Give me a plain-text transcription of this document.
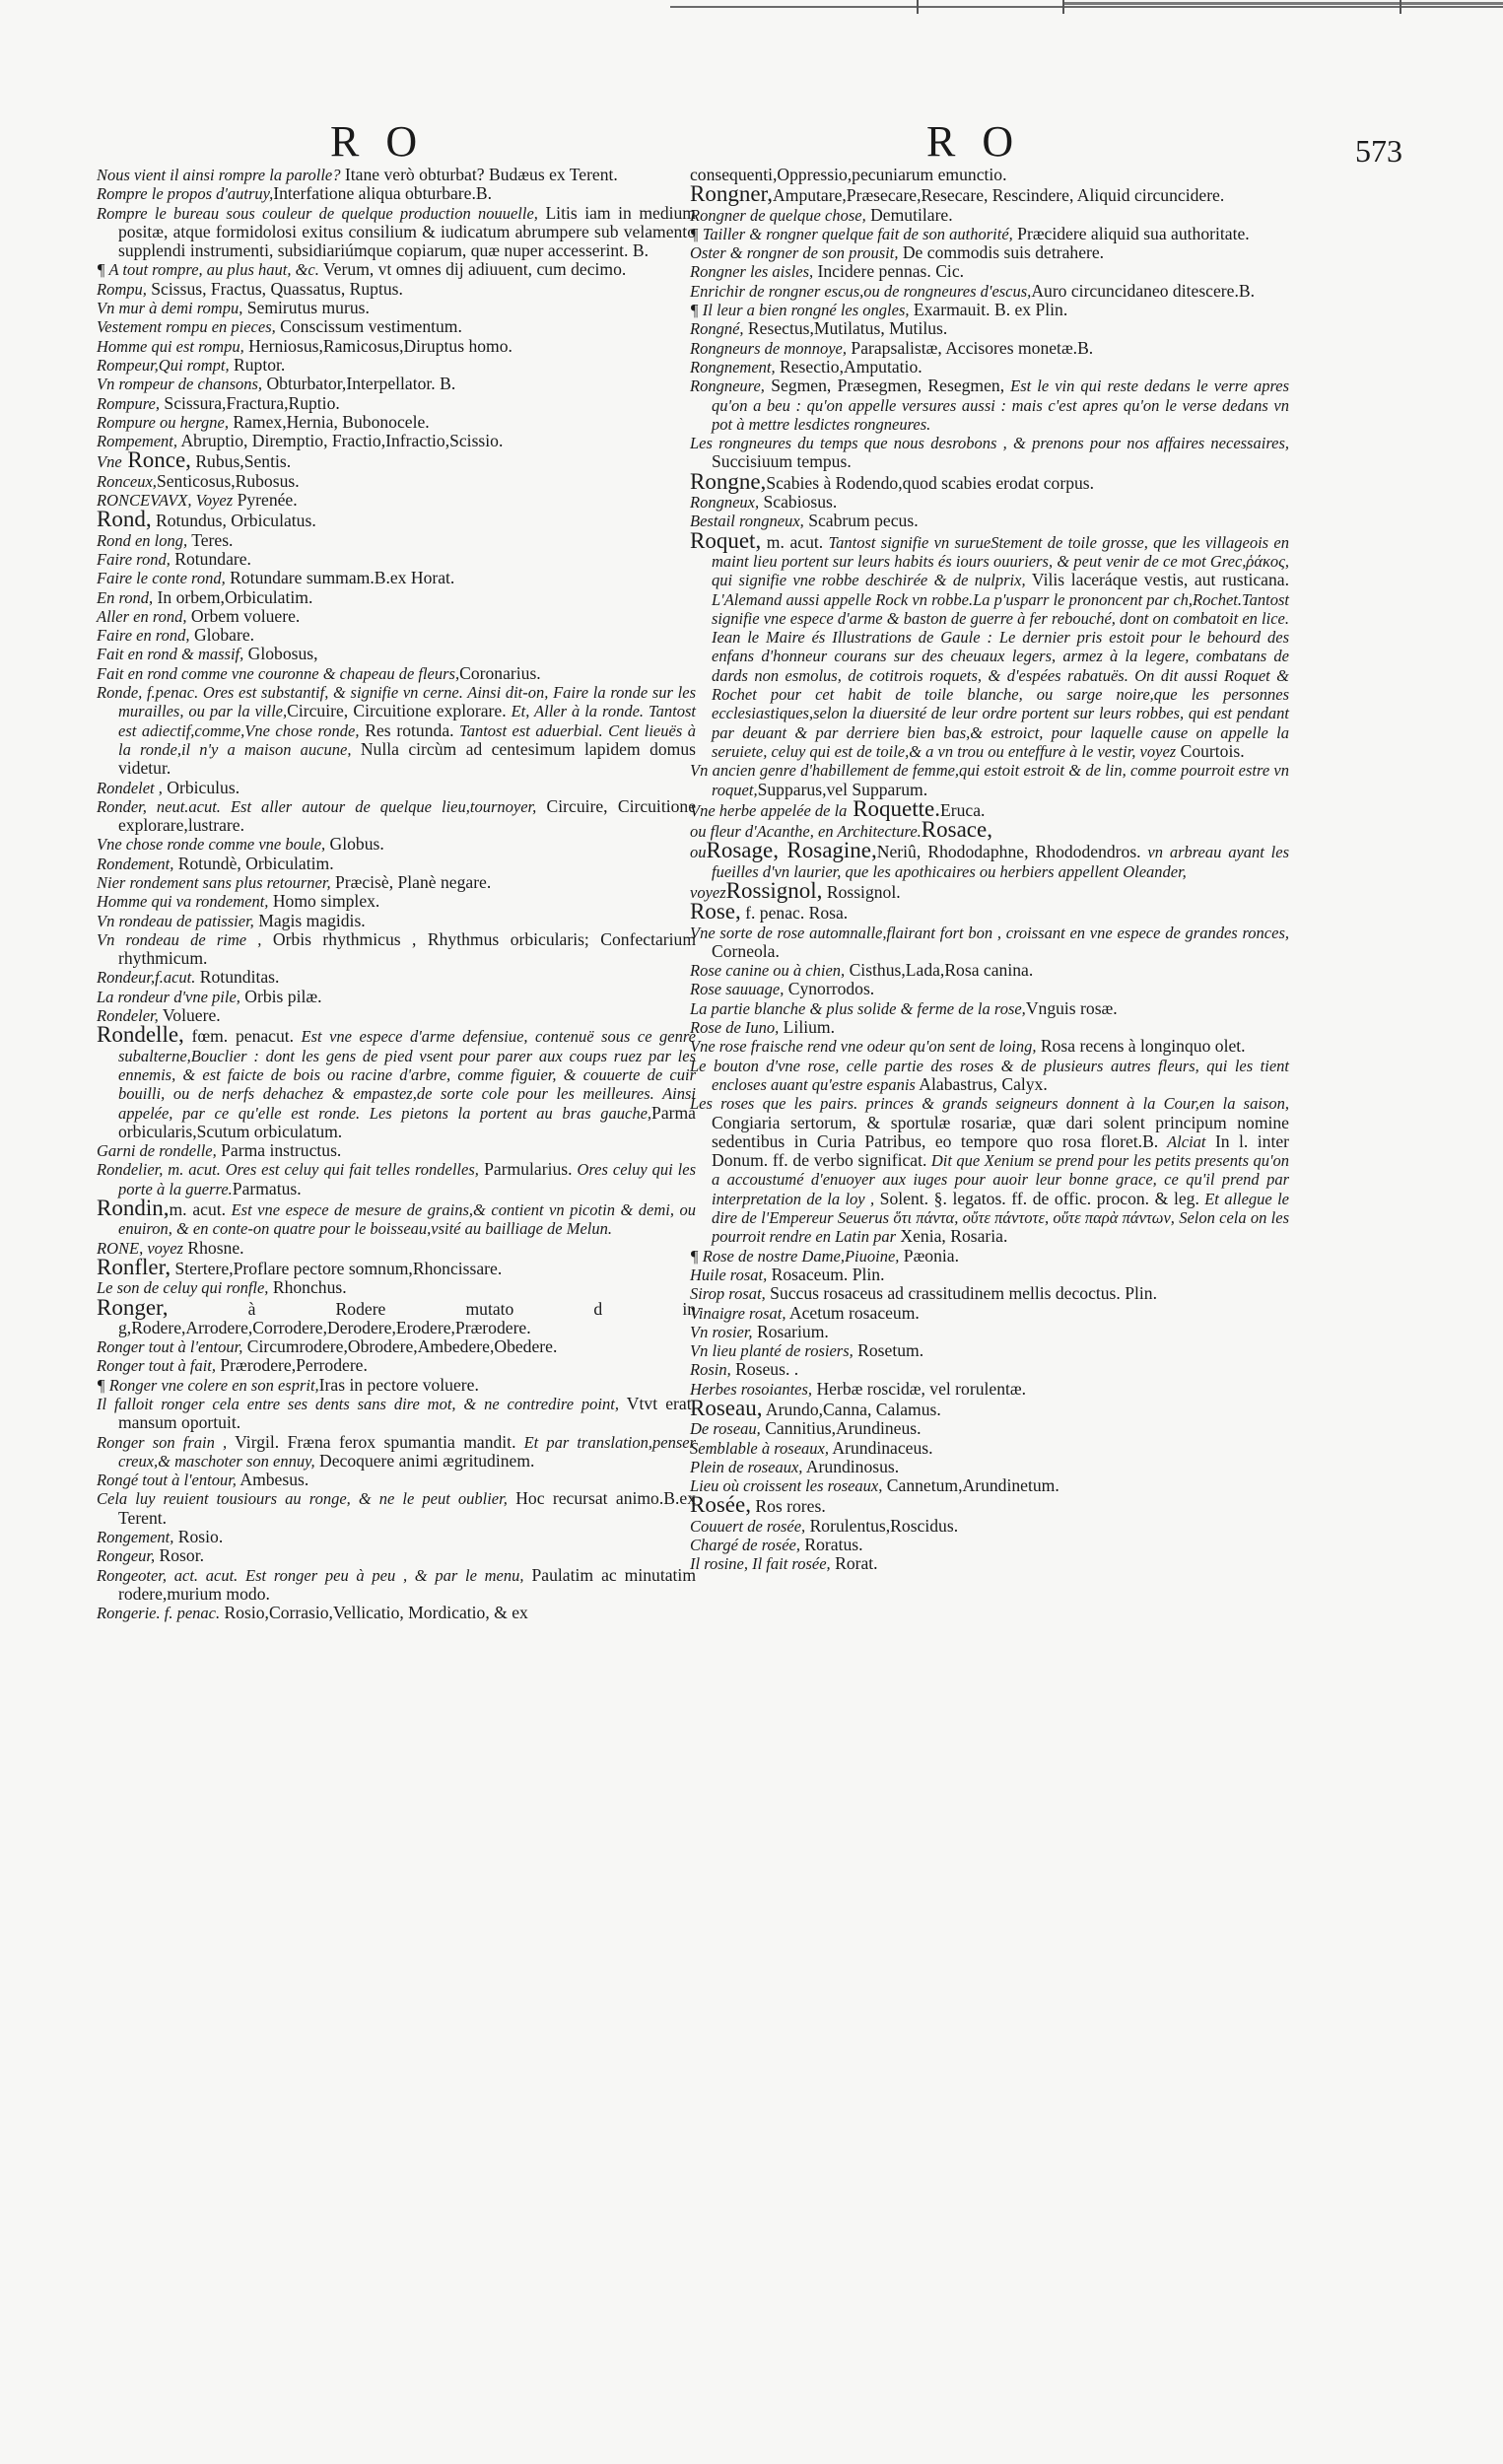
R O	R O	573

Nous vient il ainsi rompre la parolle? Itane verò obturbat? Budæus ex Terent.

Rompre le propos d'autruy,Interfatione aliqua obturbare.B.

Rompre le bureau sous couleur de quelque production nouuelle, Litis iam in medium positæ, atque formidolosi exitus consilium & iudicatum abrumpere sub velamento supplendi instrumenti, subsidiariúmque copiarum, quæ nuper accesserint. B.

¶ A tout rompre, au plus haut, &c. Verum, vt omnes dij adiuuent, cum decimo.

Rompu, Scissus, Fractus, Quassatus, Ruptus.

Vn mur à demi rompu, Semirutus murus.

Vestement rompu en pieces, Conscissum vestimentum.

Homme qui est rompu, Herniosus,Ramicosus,Diruptus homo.

Rompeur,Qui rompt, Ruptor.

Vn rompeur de chansons, Obturbator,Interpellator. B.

Rompure, Scissura,Fractura,Ruptio.

Rompure ou hergne, Ramex,Hernia, Bubonocele.

Rompement, Abruptio, Diremptio, Fractio,Infractio,Scissio.

Vne Ronce, Rubus,Sentis.

Ronceux,Senticosus,Rubosus.

RONCEVAVX, Voyez Pyrenée.

Rond, Rotundus, Orbiculatus.

Rond en long, Teres.

Faire rond, Rotundare.

Faire le conte rond, Rotundare summam.B.ex Horat.

En rond, In orbem,Orbiculatim.

Aller en rond, Orbem voluere.

Faire en rond, Globare.

Fait en rond & massif, Globosus,

Fait en rond comme vne couronne & chapeau de fleurs,Coronarius.

Ronde, f.penac. Ores est substantif, & signifie vn cerne. Ainsi dit-on, Faire la ronde sur les murailles, ou par la ville,Circuire, Circuitione explorare. Et, Aller à la ronde. Tantost est adiectif,comme,Vne chose ronde, Res rotunda. Tantost est aduerbial. Cent lieuës à la ronde,il n'y a maison aucune, Nulla circùm ad centesimum lapidem domus videtur.

Rondelet , Orbiculus.

Ronder, neut.acut. Est aller autour de quelque lieu,tournoyer, Circuire, Circuitione explorare,lustrare.

Vne chose ronde comme vne boule, Globus.

Rondement, Rotundè, Orbiculatim.

Nier rondement sans plus retourner, Præcisè, Planè negare.

Homme qui va rondement, Homo simplex.

Vn rondeau de patissier, Magis magidis.

Vn rondeau de rime , Orbis rhythmicus , Rhythmus orbicularis; Confectarium rhythmicum.

Rondeur,f.acut. Rotunditas.

La rondeur d'vne pile, Orbis pilæ.

Rondeler, Voluere.

Rondelle, fœm. penacut. Est vne espece d'arme defensiue, contenuë sous ce genre subalterne,Bouclier : dont les gens de pied vsent pour parer aux coups ruez par les ennemis, & est faicte de bois ou racine d'arbre, comme figuier, & couuerte de cuir bouilli, ou de nerfs dehachez & empastez,de sorte cole pour les meilleures. Ainsi appelée, par ce qu'elle est ronde. Les pietons la portent au bras gauche,Parma orbicularis,Scutum orbiculatum.

Garni de rondelle, Parma instructus.

Rondelier, m. acut. Ores est celuy qui fait telles rondelles, Parmularius. Ores celuy qui les porte à la guerre.Parmatus.

Rondin,m. acut. Est vne espece de mesure de grains,& contient vn picotin & demi, ou enuiron, & en conte-on quatre pour le boisseau,vsité au bailliage de Melun.

RONE, voyez Rhosne.

Ronfler, Stertere,Proflare pectore somnum,Rhoncissare.

Le son de celuy qui ronfle, Rhonchus.

Ronger, à Rodere mutato d in g,Rodere,Arrodere,Corrodere,Derodere,Erodere,Prærodere.

Ronger tout à l'entour, Circumrodere,Obrodere,Ambedere,Obedere.

Ronger tout à fait, Prærodere,Perrodere.

¶ Ronger vne colere en son esprit,Iras in pectore voluere.

Il falloit ronger cela entre ses dents sans dire mot, & ne contredire point, Vtvt erat, mansum oportuit.

Ronger son frain , Virgil. Fræna ferox spumantia mandit. Et par translation,penser creux,& maschoter son ennuy, Decoquere animi ægritudinem.

Rongé tout à l'entour, Ambesus.

Cela luy reuient tousiours au ronge, & ne le peut oublier, Hoc recursat animo.B.ex Terent.

Rongement, Rosio.

Rongeur, Rosor.

Rongeoter, act. acut. Est ronger peu à peu , & par le menu, Paulatim ac minutatim rodere,murium modo.

Rongerie. f. penac. Rosio,Corrasio,Vellicatio, Mordicatio, & ex

consequenti,Oppressio,pecuniarum emunctio.

Rongner,Amputare,Præsecare,Resecare, Rescindere, Aliquid circuncidere.

Rongner de quelque chose, Demutilare.

¶ Tailler & rongner quelque fait de son authorité, Præcidere aliquid sua authoritate.

Oster & rongner de son prousit, De commodis suis detrahere.

Rongner les aisles, Incidere pennas. Cic.

Enrichir de rongner escus,ou de rongneures d'escus,Auro circuncidaneo ditescere.B.

¶ Il leur a bien rongné les ongles, Exarmauit. B. ex Plin.

Rongné, Resectus,Mutilatus, Mutilus.

Rongneurs de monnoye, Parapsalistæ, Accisores monetæ.B.

Rongnement, Resectio,Amputatio.

Rongneure, Segmen, Præsegmen, Resegmen, Est le vin qui reste dedans le verre apres qu'on a beu : qu'on appelle versures aussi : mais c'est apres qu'on le verse dedans vn pot à mettre lesdictes rongneures.

Les rongneures du temps que nous desrobons , & prenons pour nos affaires necessaires, Succisiuum tempus.

Rongne,Scabies à Rodendo,quod scabies erodat corpus.

Rongneux, Scabiosus.

Bestail rongneux, Scabrum pecus.

Roquet, m. acut. Tantost signifie vn surueStement de toile grosse, que les villageois en maint lieu portent sur leurs habits és iours ouuriers, & peut venir de ce mot Grec,ῥάκος, qui signifie vne robbe deschirée & de nulprix, Vilis laceráque vestis, aut rusticana. L'Alemand aussi appelle Rock vn robbe.La p'usparr le prononcent par ch,Rochet.Tantost signifie vne espece d'arme & baston de guerre à fer rebouché, dont on combatoit en lice. Iean le Maire és Illustrations de Gaule : Le dernier pris estoit pour le behourd des enfans d'honneur courans sur des cheuaux legers, armez à la legere, combatans de dards non esmolus, de cotitrois roquets, & d'espées rabatuës. On dit aussi Roquet & Rochet pour cet habit de toile blanche, ou sarge noire,que les personnes ecclesiastiques,selon la diuersité de leur ordre portent sur leurs robbes, qui est pendant par deuant & par derriere bien bas,& estroict, pour laquelle cause on appelle la seruiete, celuy qui est de toile,& a vn trou ou enteffure à le vestir, voyez Courtois.

Vn ancien genre d'habillement de femme,qui estoit estroit & de lin, comme pourroit estre vn roquet,Supparus,vel Supparum.

Vne herbe appelée de la Roquette.Eruca.

ou fleur d'Acanthe, en Architecture.Rosace,

ouRosage, Rosagine,Neriû, Rhododaphne, Rhododendros. vn arbreau ayant les fueilles d'vn laurier, que les apothicaires ou herbiers appellent Oleander,

voyezRossignol, Rossignol.

Rose, f. penac. Rosa.

Vne sorte de rose automnalle,flairant fort bon , croissant en vne espece de grandes ronces, Corneola.

Rose canine ou à chien, Cisthus,Lada,Rosa canina.

Rose sauuage, Cynorrodos.

La partie blanche & plus solide & ferme de la rose,Vnguis rosæ.

Rose de Iuno, Lilium.

Vne rose fraische rend vne odeur qu'on sent de loing, Rosa recens à longinquo olet.

Le bouton d'vne rose, celle partie des roses & de plusieurs autres fleurs, qui les tient encloses auant qu'estre espanis Alabastrus, Calyx.

Les roses que les pairs. princes & grands seigneurs donnent à la Cour,en la saison, Congiaria sertorum, & sportulæ rosariæ, quæ dari solent principum nomine sedentibus in Curia Patribus, eo tempore quo rosa floret.B. Alciat In l. inter Donum. ff. de verbo significat. Dit que Xenium se prend pour les petits presents qu'on a accoustumé d'enuoyer aux iuges pour auoir leur bonne grace, ce qu'il prend par interpretation de la loy , Solent. §. legatos. ff. de offic. procon. & leg. Et allegue le dire de l'Empereur Seuerus ὅτι πάντα, οὔτε πάντοτε, οὔτε παρὰ πάντων, Selon cela on les pourroit rendre en Latin par Xenia, Rosaria.

¶ Rose de nostre Dame,Piuoine, Pæonia.

Huile rosat, Rosaceum. Plin.

Sirop rosat, Succus rosaceus ad crassitudinem mellis decoctus. Plin.

Vinaigre rosat, Acetum rosaceum.

Vn rosier, Rosarium.

Vn lieu planté de rosiers, Rosetum.

Rosin, Roseus. .

Herbes rosoiantes, Herbæ roscidæ, vel rorulentæ.

Roseau, Arundo,Canna, Calamus.

De roseau, Cannitius,Arundineus.

Semblable à roseaux, Arundinaceus.

Plein de roseaux, Arundinosus.

Lieu où croissent les roseaux, Cannetum,Arundinetum.

Rosée, Ros rores.

Couuert de rosée, Rorulentus,Roscidus.

Chargé de rosée, Roratus.

Il rosine, Il fait rosée, Rorat.
